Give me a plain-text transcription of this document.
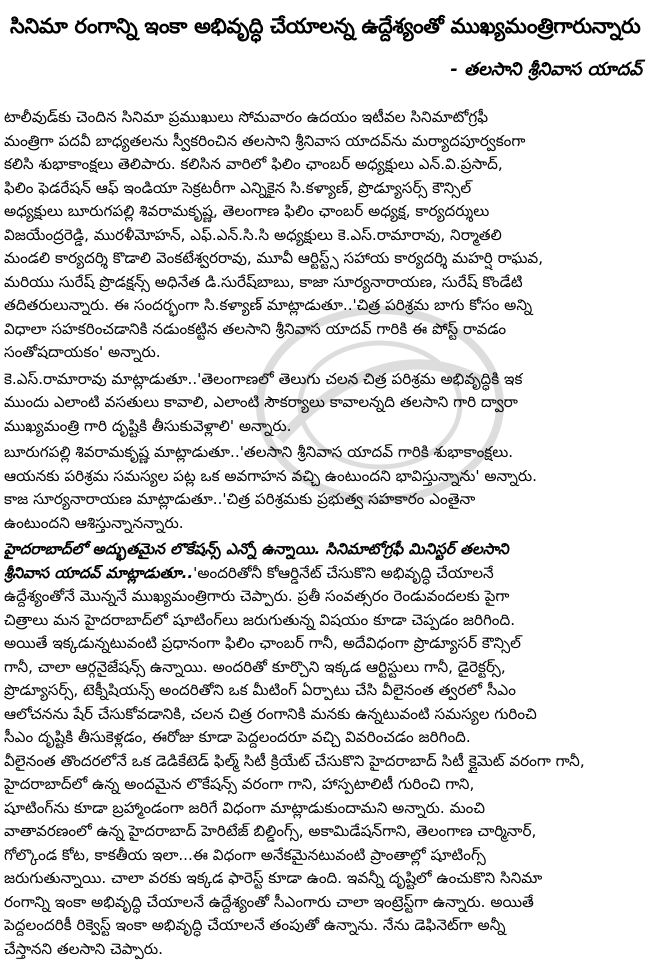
సినిమా రంగాన్ని ఇంకా అభివృద్ధి చేయాలన్న ఉద్దేశ్యంతో ముఖ్యమంత్రిగారున్నారు
- తలసాని శ్రీనివాస యాదవ్
టాలీవుడ్‌కు చెందిన సినిమా ప్రముఖులు సోమవారం ఉదయం ఇటీవల సినిమాటోగ్రఫీ
మంత్రిగా పదవీ బాధ్యతలను స్వీకరించిన తలసాని శ్రీనివాస యాదవ్‌ను మర్యాదపూర్వకంగా
కలిసి శుభాకాంక్షలు తెలిపారు. కలిసిన వారిలో ఫిలిం ఛాంబర్ అధ్యక్షులు ఎన్.వి.ప్రసాద్,
ఫిలిం ఫెడరేషన్ ఆఫ్ ఇండియా సెక్రటరీగా ఎన్నికైన సి.కళ్యాణ్, ప్రొడ్యూసర్స్ కౌన్సిల్
అధ్యక్షులు బూరుగపల్లి శివరామకృష్ణ, తెలంగాణ ఫిలిం ఛాంబర్ అధ్యక్ష, కార్యదర్శులు
విజయేంద్రరెడ్డి, మురళీమోహన్, ఎఫ్.ఎన్.సి.సి అధ్యక్షులు కె.ఎస్.రామారావు, నిర్మాతలి
మండలి కార్యదర్శి కొడాలి వెంకటేశ్వరరావు, మూవీ ఆర్టిస్ట్స్ సహాయ కార్యదర్శి మహర్షి రాఘవ,
మరియు సురేష్ ప్రొడక్షన్స్ అధినేత డి.సురేష్‌బాబు, కాజా సూర్యనారాయణ, సురేష్ కొండేటి
తదితరులున్నారు. ఈ సందర్భంగా సి.కళ్యాణ్ మాట్లాడుతూ..'చిత్ర పరిశ్రమ బాగు కోసం అన్ని
విధాలా సహకరించడానికి నడుంకట్టిన తలసాని శ్రీనివాస యాదవ్ గారికి ఈ పోస్ట్ రావడం
సంతోషదాయకం' అన్నారు.
కె.ఎస్.రామారావు మాట్లాడుతూ..'తెలంగాణలో తెలుగు చలన చిత్ర పరిశ్రమ అభివృద్ధికి ఇక
ముందు ఎలాంటి వసతులు కావాలి, ఎలాంటి సౌకర్యాలు కావాలన్నది తలసాని గారి ద్వారా
ముఖ్యమంత్రి గారి దృష్టికి తీసుకువెళ్లాలి' అన్నారు.
బూరుగపల్లి శివరామకృష్ణ మాట్లాడుతూ..'తలసాని శ్రీనివాస యాదవ్ గారికి శుభాకాంక్షలు.
ఆయనకు పరిశ్రమ సమస్యల పట్ల ఒక అవగాహన వచ్చి ఉంటుందని భావిస్తున్నాను' అన్నారు.
కాజ సూర్యనారాయణ మాట్లాడుతూ..'చిత్ర పరిశ్రమకు ప్రభుత్వ సహకారం ఎంతైనా
ఉంటుందని ఆశిస్తున్నానన్నారు.
హైదరాబాద్‌లో అద్భుతమైన లొకేషన్స్ ఎన్నో ఉన్నాయి. సినిమాటోగ్రఫీ మినిస్టర్ తలసాని
శ్రీనివాస యాదవ్ మాట్లాడుతూ..'అందరితోనీ కోఆర్డినేట్ చేసుకొని అభివృద్ధి చేయాలనే
ఉద్దేశ్యంతోనే మొన్ననే ముఖ్యమంత్రిగారు చెప్పారు. ప్రతీ సంవత్సరం రెండువందలకు పైగా
చిత్రాలు మన హైదరాబాద్‌లో షూటింగ్‌లు జరుగుతున్న విషయం కూడా చెప్పడం జరిగింది.
అయితే ఇక్కడున్నటువంటి ప్రధానంగా ఫిలిం ఛాంబర్ గానీ, అదేవిధంగా ప్రొడ్యూసర్ కౌన్సిల్
గానీ, చాలా ఆర్గనైజేషన్స్ ఉన్నాయి. అందరితో కూర్చొని ఇక్కడ ఆర్టిస్టులు గానీ, డైరెక్టర్స్,
ప్రొడ్యూసర్స్, టెక్నీషియన్స్ అందరితోని ఒక మీటింగ్ ఏర్పాటు చేసి వీలైనంత త్వరలో సీఎం
ఆలోచనను షేర్ చేసుకోవడానికి, చలన చిత్ర రంగానికి మనకు ఉన్నటువంటి సమస్యల గురించి
సీఎం దృష్టికి తీసుకెళ్లడం, ఈరోజు కూడా పెద్దలందరూ వచ్చి వివరించడం జరిగింది.
వీలైనంత తొందరలోనే ఒక డెడికేటెడ్ ఫిల్మ్ సిటీ క్రియేట్ చేసుకొని హైదరాబాద్ సిటీ క్లైమెట్ వరంగా గానీ,
హైదరాబాద్‌లో ఉన్న అందమైన లొకేషన్స్ వరంగా గాని, హాస్పటాలిటీ గురించి గాని,
షూటింగ్‌ను కూడా బ్రహ్మాండంగా జరిగే విధంగా మాట్లాడుకుందామని అన్నారు. మంచి
వాతావరణంలో ఉన్న హైదరాబాద్ హెరిటేజ్ బిల్డింగ్స్, అకామిడేషన్‌గాని, తెలంగాణ చార్మినార్,
గోల్కొండ కోట, కాకతీయ ఇలా...ఈ విధంగా అనేకమైనటువంటి ప్రాంతాల్లో షూటింగ్స్
జరుగుతున్నాయి. చాలా వరకు ఇక్కడ ఫారెస్ట్ కూడా ఉంది. ఇవన్నీ దృష్టిలో ఉంచుకొని సినిమా
రంగాన్ని ఇంకా అభివృద్ధి చేయాలనే ఉద్దేశ్యంతో సీఎంగారు చాలా ఇంట్రెస్ట్‌గా ఉన్నారు. అయితే
పెద్దలందరికీ రిక్వెస్ట్ ఇంకా అభివృద్ధి చేయాలనే తంపుతో ఉన్నాను. నేను డెఫినెట్‌గా అన్నీ
చేస్తానని తలసాని చెప్పారు.
